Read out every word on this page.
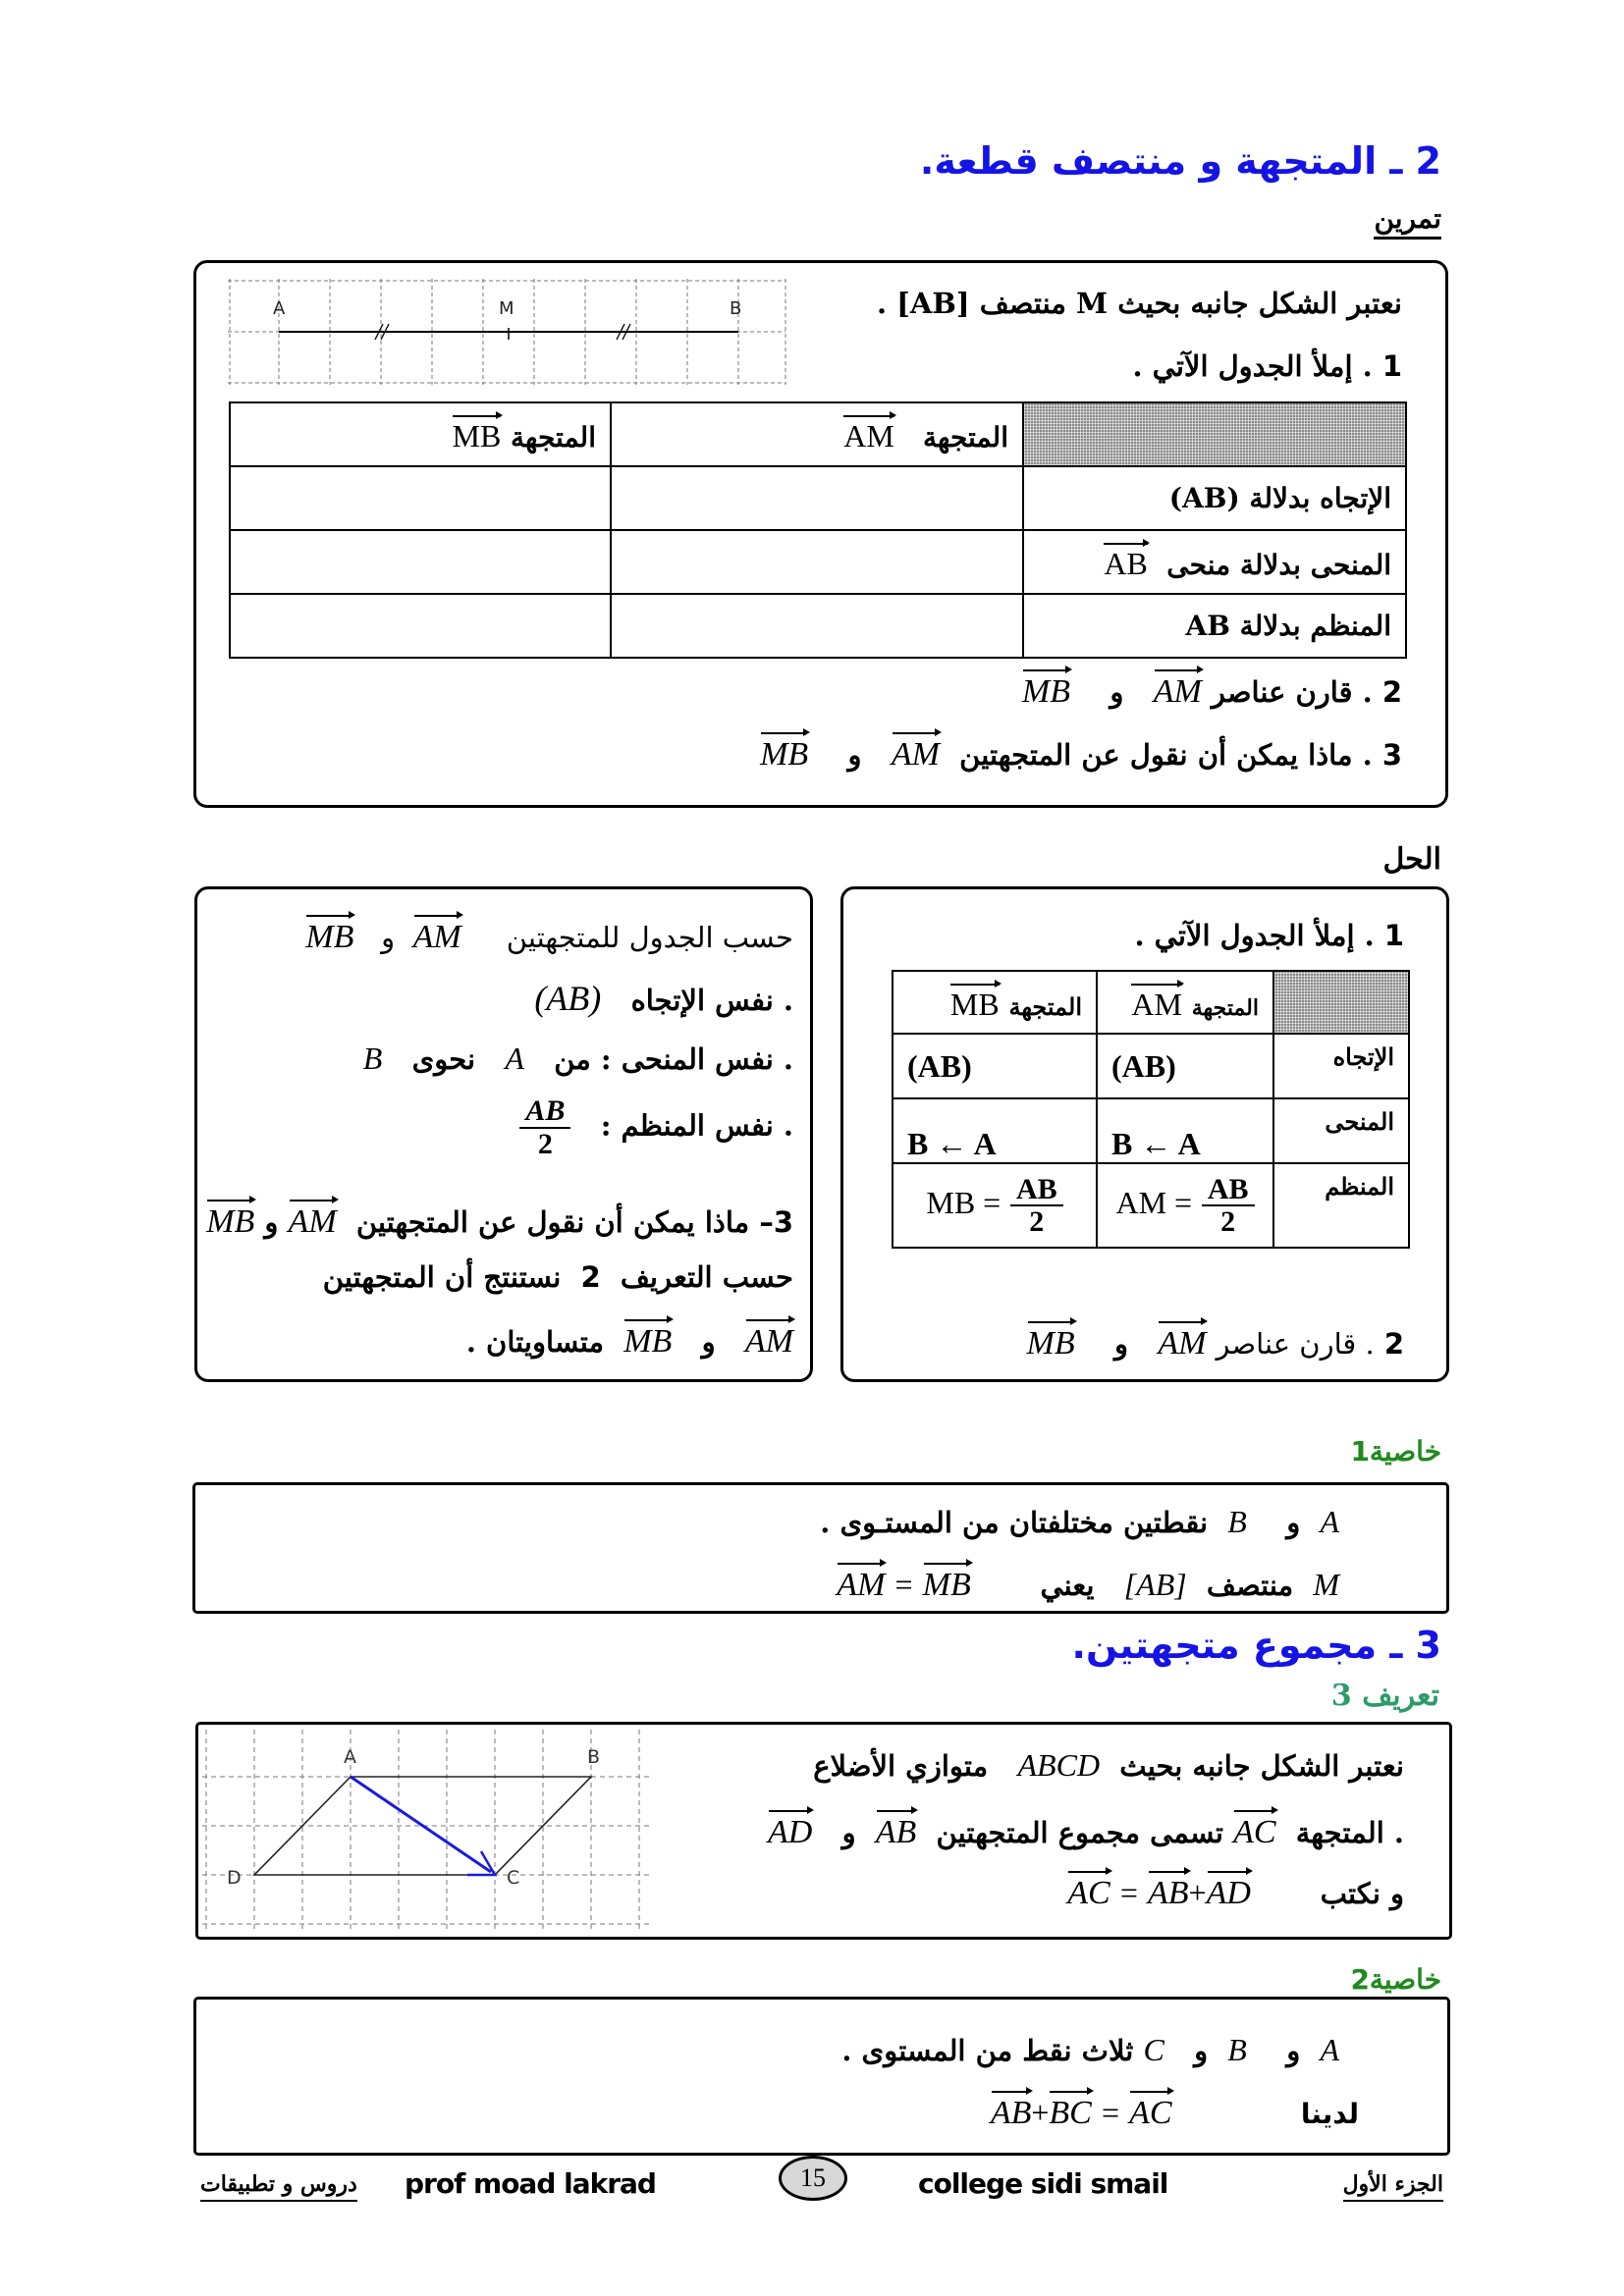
2 ـ المتجهة و منتصف قطعة.
تمرين
A	M	B	نعتبر الشكل جانبه بحيث M منتصف [AB] .
1 . إملأ الجدول الآتي .
	المتجهة   AM	المتجهة MB
الإتجاه بدلالة (AB)		
المنحى بدلالة منحى  AB		
المنظم بدلالة AB		
2 . قارن عناصر AM   و    MB
3 . ماذا يمكن أن نقول عن المتجهتين  AM   و    MB
الحل
1 . إملأ الجدول الآتي .
	المتجهة AM	المتجهة MB
الإتجاه	(AB)	(AB)
المنحى	B ← A	B ← A
المنظم	AM = $\frac{AB}{2}$	MB = $\frac{AB}{2}$
2 . قارن عناصر AM   و    MB
حسب الجدول للمتجهتين     AM  و   MB
. نفس الإتجاه   (AB)
. نفس المنحى : من   A   نحوى   B
. نفس المنظم :
$\frac{AB}{2}$
3– ماذا يمكن أن نقول عن المتجهتين  AM و MB
حسب التعريف  2  نستنتج أن المتجهتين
AM   و   MB  متساويتان .
خاصية1
A  و    B  نقطتين مختلفتان من المستـوى .
M  منتصف  [AB]   يعني       AM = MB
3 ـ مجموع متجهتين.
تعريف 3
A	B
C
D
نعتبر الشكل جانبه بحيث  ABCD   متوازي الأضلاع
. المتجهة  AC تسمى مجموع المتجهتين  AB  و   AD
و نكتب       AC = AB+AD
خاصية2
A  و    B  و   C ثلاث نقط من المستوى .
لدينا             AB+BC = AC
دروس و تطبيقات prof moad lakrad	15	college sidi smail	الجزء الأول
